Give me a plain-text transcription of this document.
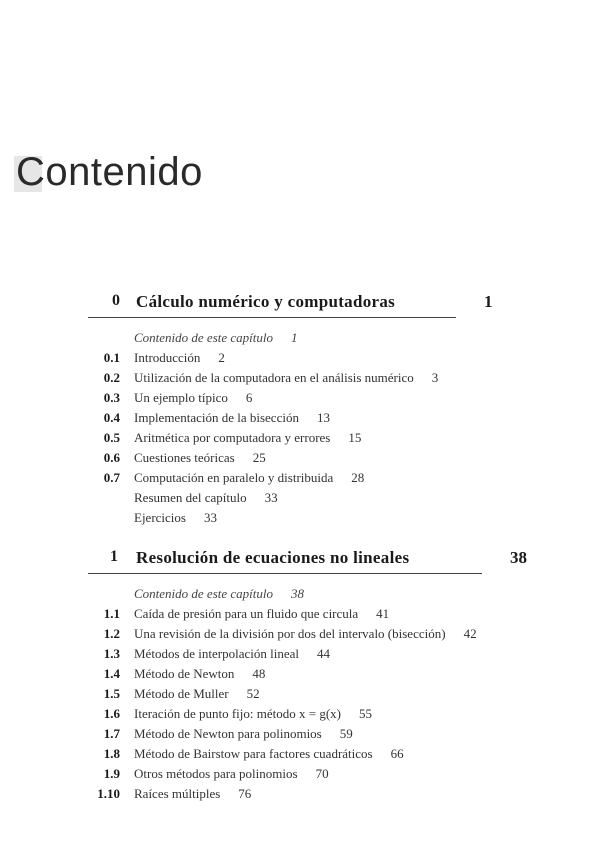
Contenido
0 Cálculo numérico y computadoras	1
Contenido de este capítulo 1
0.1 Introducción 2
0.2 Utilización de la computadora en el análisis numérico 3
0.3 Un ejemplo típico 6
0.4 Implementación de la bisección 13
0.5 Aritmética por computadora y errores 15
0.6 Cuestiones teóricas 25
0.7 Computación en paralelo y distribuida 28
Resumen del capítulo 33
Ejercicios 33
1 Resolución de ecuaciones no lineales	38
Contenido de este capítulo 38
1.1 Caída de presión para un fluido que circula 41
1.2 Una revisión de la división por dos del intervalo (bisección) 42
1.3 Métodos de interpolación lineal 44
1.4 Método de Newton 48
1.5 Método de Muller 52
1.6 Iteración de punto fijo: método x = g(x) 55
1.7 Método de Newton para polinomios 59
1.8 Método de Bairstow para factores cuadráticos 66
1.9 Otros métodos para polinomios 70
1.10 Raíces múltiples 76
